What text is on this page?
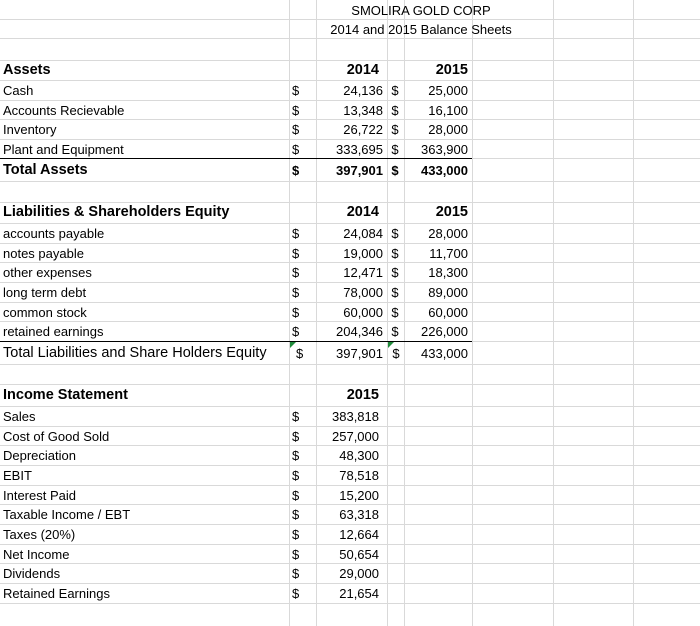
SMOLIRA GOLD CORP
2014 and 2015 Balance Sheets
Assets	2014	2015
Cash	$	24,136 $	25,000
Accounts Recievable	$	13,348 $	16,100
Inventory	$	26,722 $	28,000
Plant and Equipment	$	333,695 $	363,900
Total Assets	$	397,901 $	433,000
Liabilities & Shareholders Equity	2014	2015
accounts payable	$	24,084 $	28,000
notes payable	$	19,000 $	11,700
other expenses	$	12,471 $	18,300
long term debt	$	78,000 $	89,000
common stock	$	60,000 $	60,000
retained earnings	$	204,346 $	226,000
Total Liabilities and Share Holders Equity	$	397,901 $	433,000
Income Statement	2015
Sales	$	383,818
Cost of Good Sold	$	257,000
Depreciation	$	48,300
EBIT	$	78,518
Interest Paid	$	15,200
Taxable Income / EBT	$	63,318
Taxes (20%)	$	12,664
Net Income	$	50,654
Dividends	$	29,000
Retained Earnings	$	21,654
